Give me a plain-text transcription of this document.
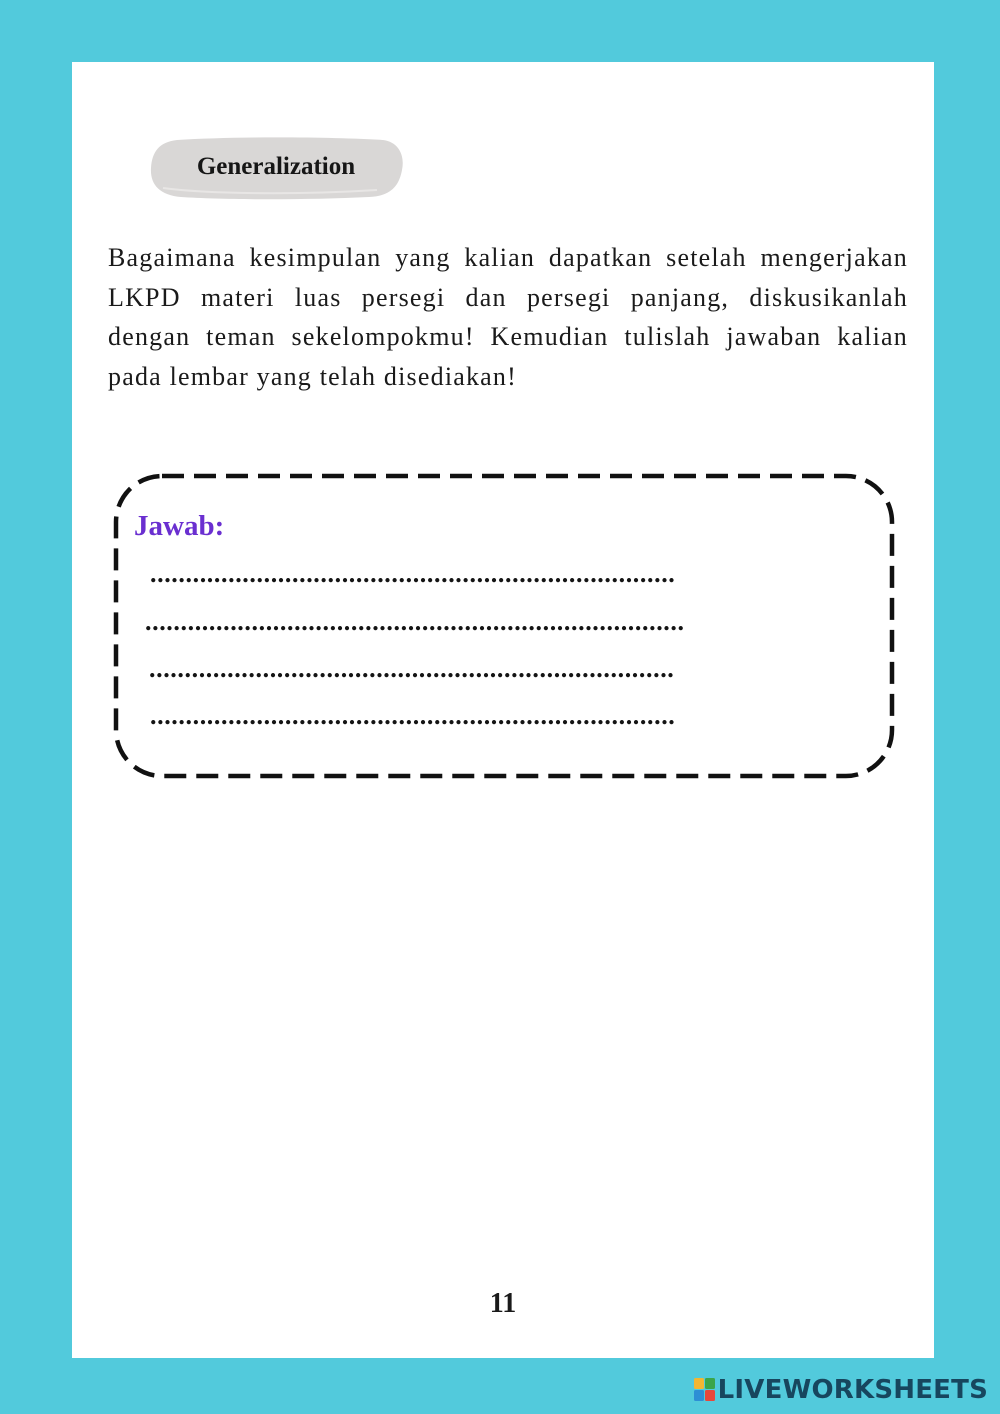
Generalization

Bagaimana kesimpulan yang kalian dapatkan setelah mengerjakan LKPD materi luas persegi dan persegi panjang, diskusikanlah dengan teman sekelompokmu! Kemudian tulislah jawaban kalian pada lembar yang telah disediakan!

Jawab:
..........................................................................
............................................................................
..........................................................................
..........................................................................
11
LIVEWORKSHEETS
